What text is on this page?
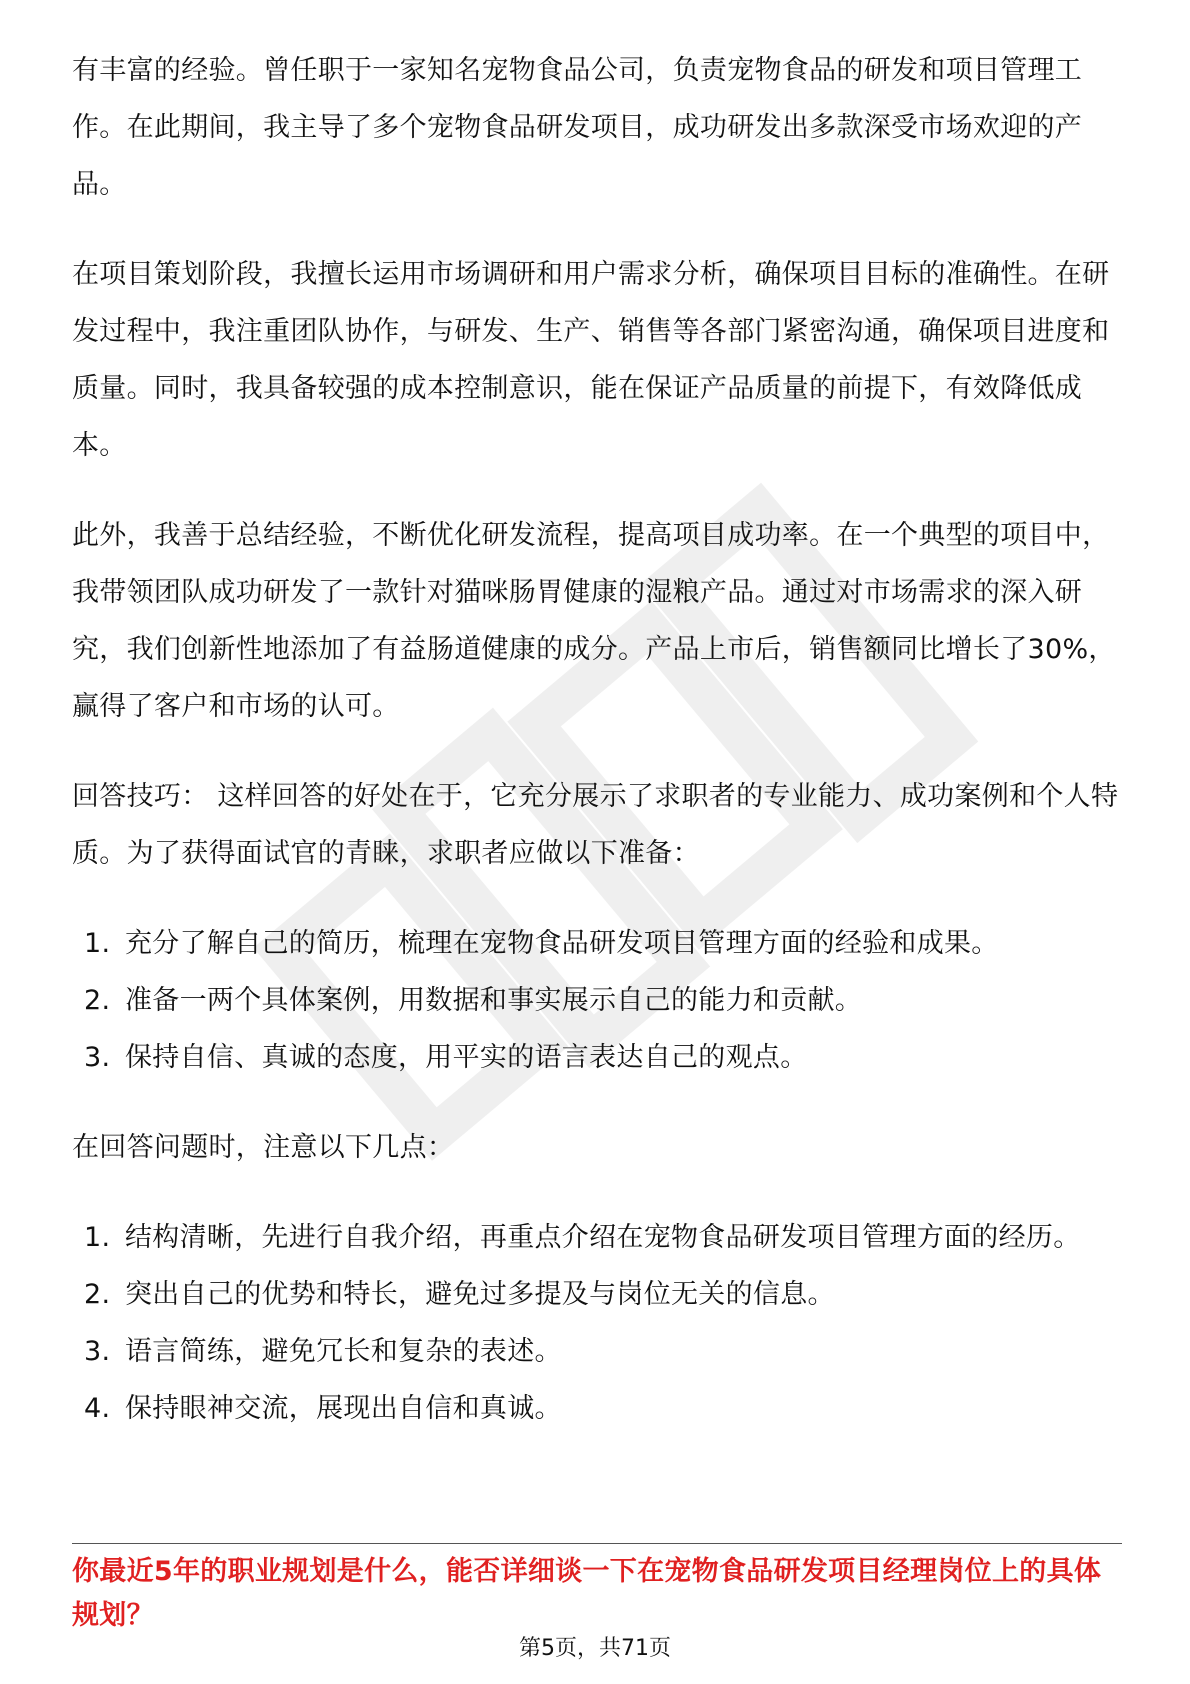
有丰富的经验。曾任职于一家知名宠物食品公司，负责宠物食品的研发和项目管理工作。在此期间，我主导了多个宠物食品研发项目，成功研发出多款深受市场欢迎的产品。

在项目策划阶段，我擅长运用市场调研和用户需求分析，确保项目目标的准确性。在研发过程中，我注重团队协作，与研发、生产、销售等各部门紧密沟通，确保项目进度和质量。同时，我具备较强的成本控制意识，能在保证产品质量的前提下，有效降低成本。

此外，我善于总结经验，不断优化研发流程，提高项目成功率。在一个典型的项目中，我带领团队成功研发了一款针对猫咪肠胃健康的湿粮产品。通过对市场需求的深入研究，我们创新性地添加了有益肠道健康的成分。产品上市后，销售额同比增长了30%，赢得了客户和市场的认可。

回答技巧： 这样回答的好处在于，它充分展示了求职者的专业能力、成功案例和个人特质。为了获得面试官的青睐，求职者应做以下准备：

1. 充分了解自己的简历，梳理在宠物食品研发项目管理方面的经验和成果。
2. 准备一两个具体案例，用数据和事实展示自己的能力和贡献。
3. 保持自信、真诚的态度，用平实的语言表达自己的观点。

在回答问题时，注意以下几点：

1. 结构清晰，先进行自我介绍，再重点介绍在宠物食品研发项目管理方面的经历。
2. 突出自己的优势和特长，避免过多提及与岗位无关的信息。
3. 语言简练，避免冗长和复杂的表述。
4. 保持眼神交流，展现出自信和真诚。
你最近5年的职业规划是什么，能否详细谈一下在宠物食品研发项目经理岗位上的具体规划？
第5页，共71页
